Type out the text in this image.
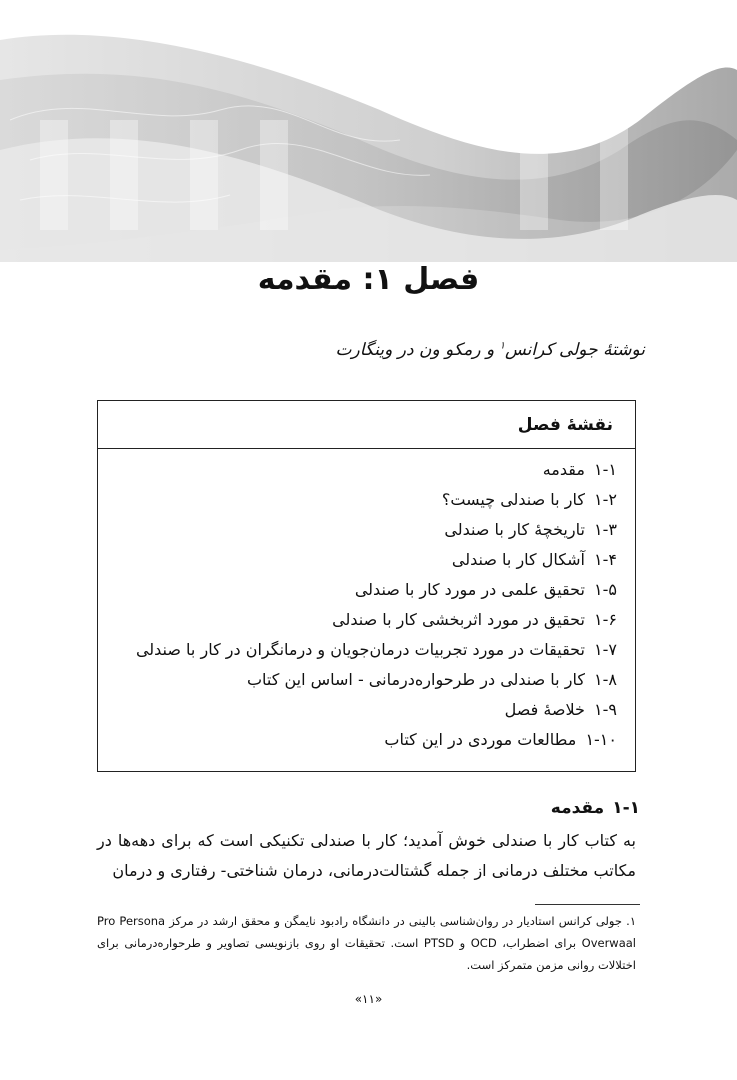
فصل ۱: مقدمه
نوشتهٔ جولی کرانس$^۱$ و رمکو ون در وینگارت
نقشهٔ فصل
۱-۱ مقدمه
۱-۲ کار با صندلی چیست؟
۱-۳ تاریخچهٔ کار با صندلی
۱-۴ آشکال کار با صندلی
۱-۵ تحقیق علمی در مورد کار با صندلی
۱-۶ تحقیق در مورد اثربخشی کار با صندلی
۱-۷ تحقیقات در مورد تجربیات درمان‌جویان و درمانگران در کار با صندلی
۱-۸ کار با صندلی در طرحواره‌درمانی - اساس این کتاب
۱-۹ خلاصهٔ فصل
۱-۱۰ مطالعات موردی در این کتاب
۱-۱مقدمه

به کتاب کار با صندلی خوش آمدید؛ کار با صندلی تکنیکی است که برای دهه‌ها در مکاتب مختلف درمانی از جمله گشتالت‌درمانی، درمان شناختی- رفتاری و درمان

۱. جولی کرانس استادیار در روان‌شناسی بالینی در دانشگاه رادبود نایمگن و محقق ارشد در مرکز Pro Persona Overwaal برای اضطراب، OCD و PTSD است. تحقیقات او روی بازنویسی تصاویر و طرحواره‌درمانی برای اختلالات روانی مزمن متمرکز است.

«۱۱»
